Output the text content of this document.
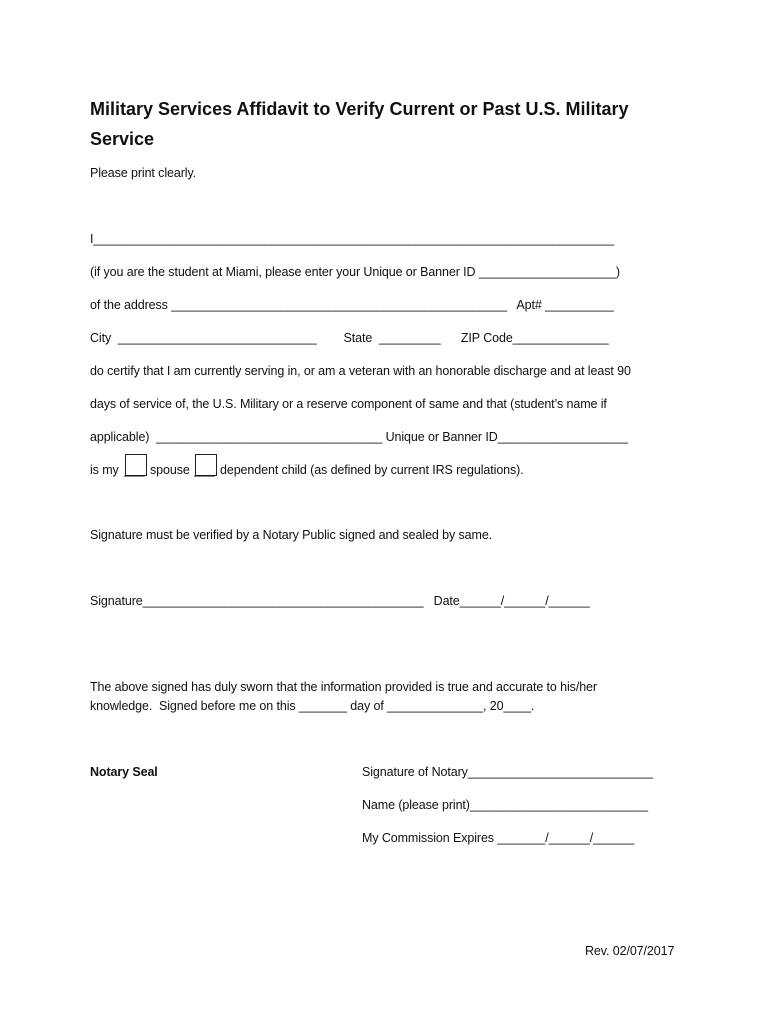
Military Services Affidavit to Verify Current or Past U.S. Military Service
Please print clearly.
I____________________________________________________________________________
(if you are the student at Miami, please enter your Unique or Banner ID ____________________)
of the address _________________________________________________   Apt# __________
City  _____________________________        State  _________      ZIP Code______________
do certify that I am currently serving in, or am a veteran with an honorable discharge and at least 90
days of service of, the U.S. Military or a reserve component of same and that (student’s name if
applicable)  _________________________________ Unique or Banner ID___________________
is my ___ spouse ___ dependent child (as defined by current IRS regulations).
Signature must be verified by a Notary Public signed and sealed by same.
Signature_________________________________________   Date______/______/______
The above signed has duly sworn that the information provided is true and accurate to his/her
knowledge.  Signed before me on this _______ day of ______________, 20____.
Notary Seal	Signature of Notary___________________________
Name (please print)__________________________
My Commission Expires _______/______/______
Rev. 02/07/2017
